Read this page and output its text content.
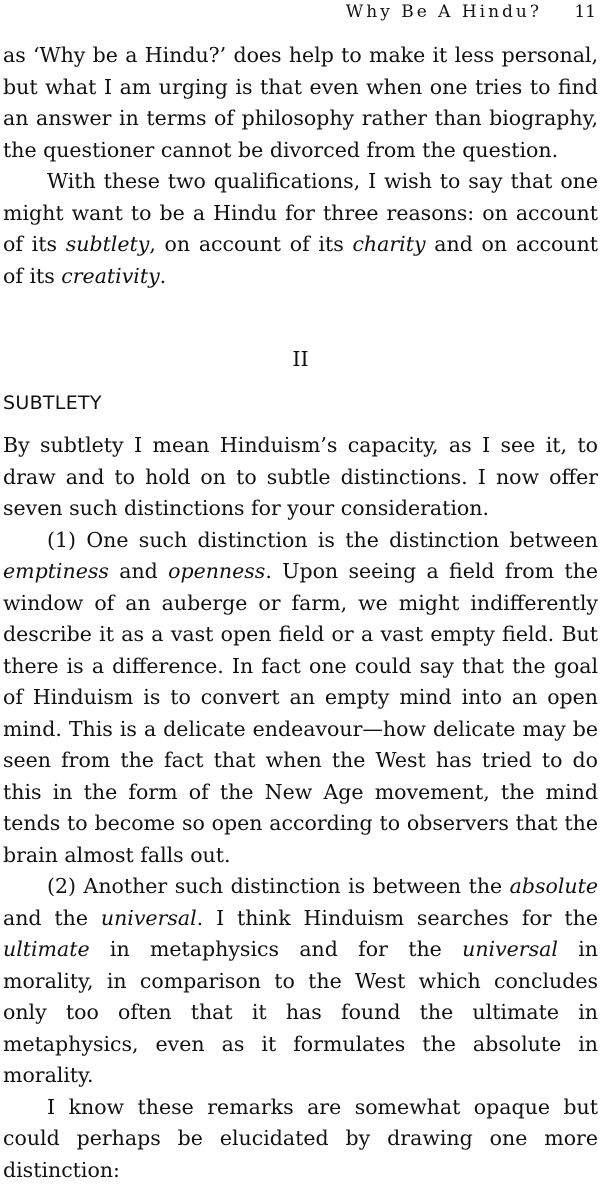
Why Be A Hindu? 11

as ‘Why be a Hindu?’ does help to make it less personal, but what I am urging is that even when one tries to find an answer in terms of philosophy rather than biography, the questioner cannot be divorced from the question.

With these two qualifications, I wish to say that one might want to be a Hindu for three reasons: on account of its subtlety, on account of its charity and on account of its creativity.

II
SUBTLETY

By subtlety I mean Hinduism’s capacity, as I see it, to draw and to hold on to subtle distinctions. I now offer seven such distinctions for your consideration.

(1) One such distinction is the distinction between emptiness and openness. Upon seeing a field from the window of an auberge or farm, we might indifferently describe it as a vast open field or a vast empty field. But there is a difference. In fact one could say that the goal of Hinduism is to convert an empty mind into an open mind. This is a delicate endeavour—how delicate may be seen from the fact that when the West has tried to do this in the form of the New Age movement, the mind tends to become so open according to observers that the brain almost falls out.

(2) Another such distinction is between the absolute and the universal. I think Hinduism searches for the ultimate in metaphysics and for the universal in morality, in comparison to the West which concludes only too often that it has found the ultimate in metaphysics, even as it formulates the absolute in morality.

I know these remarks are somewhat opaque but could perhaps be elucidated by drawing one more distinction:
